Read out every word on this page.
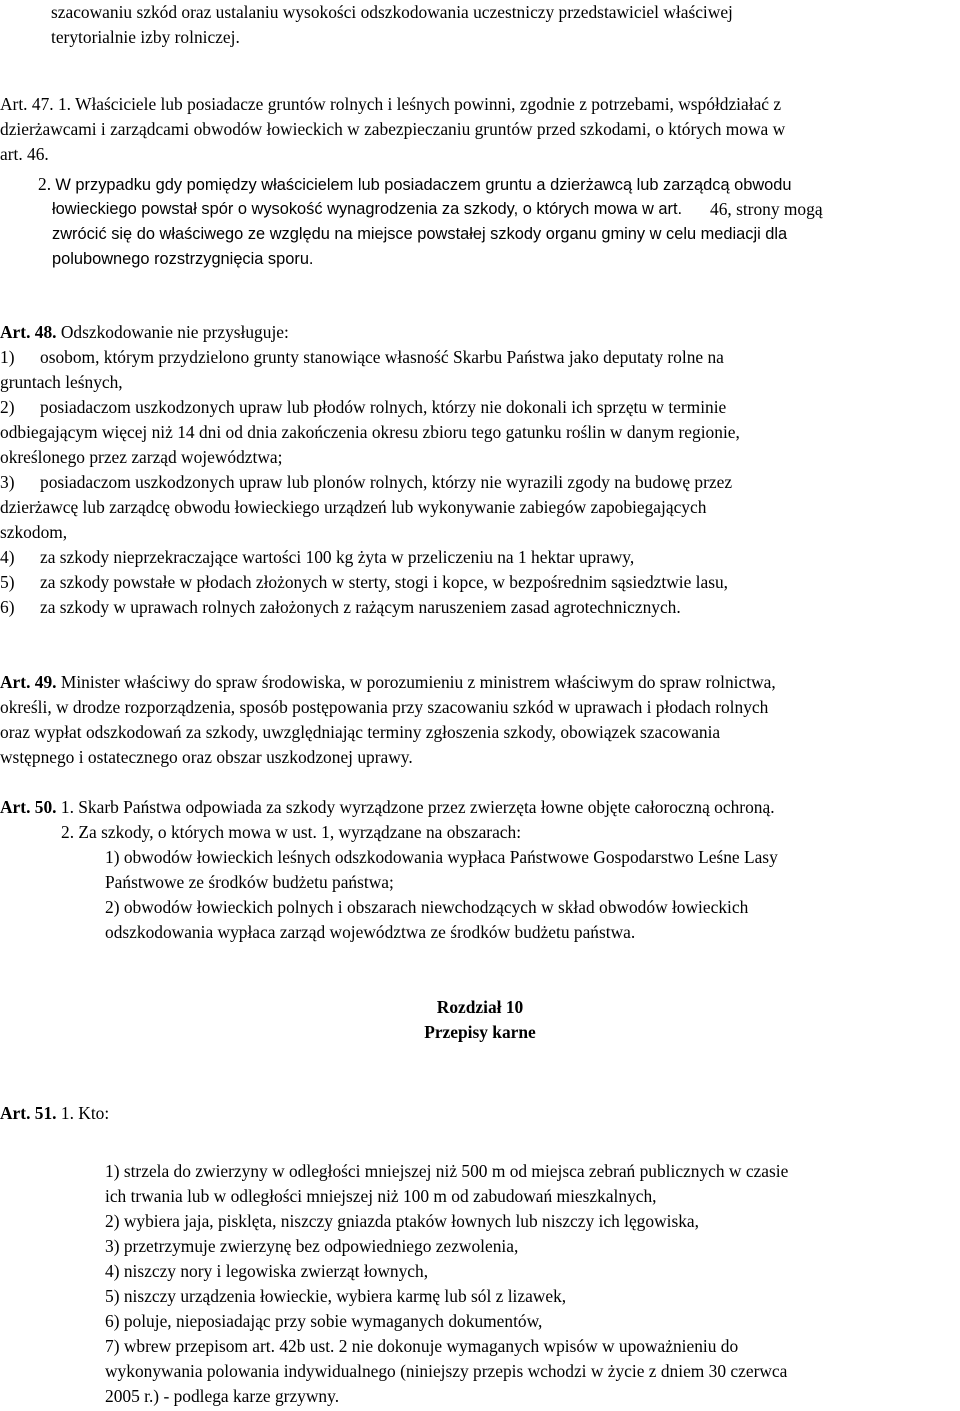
szacowaniu szkód oraz ustalaniu wysokości odszkodowania uczestniczy przedstawiciel właściwej
terytorialnie izby rolniczej.
Art. 47. 1. Właściciele lub posiadacze gruntów rolnych i leśnych powinni, zgodnie z potrzebami, współdziałać z
dzierżawcami i zarządcami obwodów łowieckich w zabezpieczaniu gruntów przed szkodami, o których mowa w
art. 46.
2. W przypadku gdy pomiędzy właścicielem lub posiadaczem gruntu a dzierżawcą lub zarządcą obwodu
łowieckiego powstał spór o wysokość wynagrodzenia za szkody, o których mowa w art. 46, strony mogą
zwrócić się do właściwego ze względu na miejsce powstałej szkody organu gminy w celu mediacji dla
polubownego rozstrzygnięcia sporu.
Art. 48. Odszkodowanie nie przysługuje:
1) osobom, którym przydzielono grunty stanowiące własność Skarbu Państwa jako deputaty rolne na
gruntach leśnych,
2) posiadaczom uszkodzonych upraw lub płodów rolnych, którzy nie dokonali ich sprzętu w terminie
odbiegającym więcej niż 14 dni od dnia zakończenia okresu zbioru tego gatunku roślin w danym regionie,
określonego przez zarząd województwa;
3) posiadaczom uszkodzonych upraw lub plonów rolnych, którzy nie wyrazili zgody na budowę przez
dzierżawcę lub zarządcę obwodu łowieckiego urządzeń lub wykonywanie zabiegów zapobiegających
szkodom,
4) za szkody nieprzekraczające wartości 100 kg żyta w przeliczeniu na 1 hektar uprawy,
5) za szkody powstałe w płodach złożonych w sterty, stogi i kopce, w bezpośrednim sąsiedztwie lasu,
6) za szkody w uprawach rolnych założonych z rażącym naruszeniem zasad agrotechnicznych.
Art. 49. Minister właściwy do spraw środowiska, w porozumieniu z ministrem właściwym do spraw rolnictwa,
określi, w drodze rozporządzenia, sposób postępowania przy szacowaniu szkód w uprawach i płodach rolnych
oraz wypłat odszkodowań za szkody, uwzględniając terminy zgłoszenia szkody, obowiązek szacowania
wstępnego i ostatecznego oraz obszar uszkodzonej uprawy.
Art. 50. 1. Skarb Państwa odpowiada za szkody wyrządzone przez zwierzęta łowne objęte całoroczną ochroną.
2. Za szkody, o których mowa w ust. 1, wyrządzane na obszarach:
1) obwodów łowieckich leśnych odszkodowania wypłaca Państwowe Gospodarstwo Leśne Lasy
Państwowe ze środków budżetu państwa;
2) obwodów łowieckich polnych i obszarach niewchodzących w skład obwodów łowieckich
odszkodowania wypłaca zarząd województwa ze środków budżetu państwa.
Rozdział 10
Przepisy karne
Art. 51. 1. Kto:
1) strzela do zwierzyny w odległości mniejszej niż 500 m od miejsca zebrań publicznych w czasie
ich trwania lub w odległości mniejszej niż 100 m od zabudowań mieszkalnych,
2) wybiera jaja, pisklęta, niszczy gniazda ptaków łownych lub niszczy ich lęgowiska,
3) przetrzymuje zwierzynę bez odpowiedniego zezwolenia,
4) niszczy nory i legowiska zwierząt łownych,
5) niszczy urządzenia łowieckie, wybiera karmę lub sól z lizawek,
6) poluje, nieposiadając przy sobie wymaganych dokumentów,
7) wbrew przepisom art. 42b ust. 2 nie dokonuje wymaganych wpisów w upoważnieniu do
wykonywania polowania indywidualnego (niniejszy przepis wchodzi w życie z dniem 30 czerwca
2005 r.) - podlega karze grzywny.
